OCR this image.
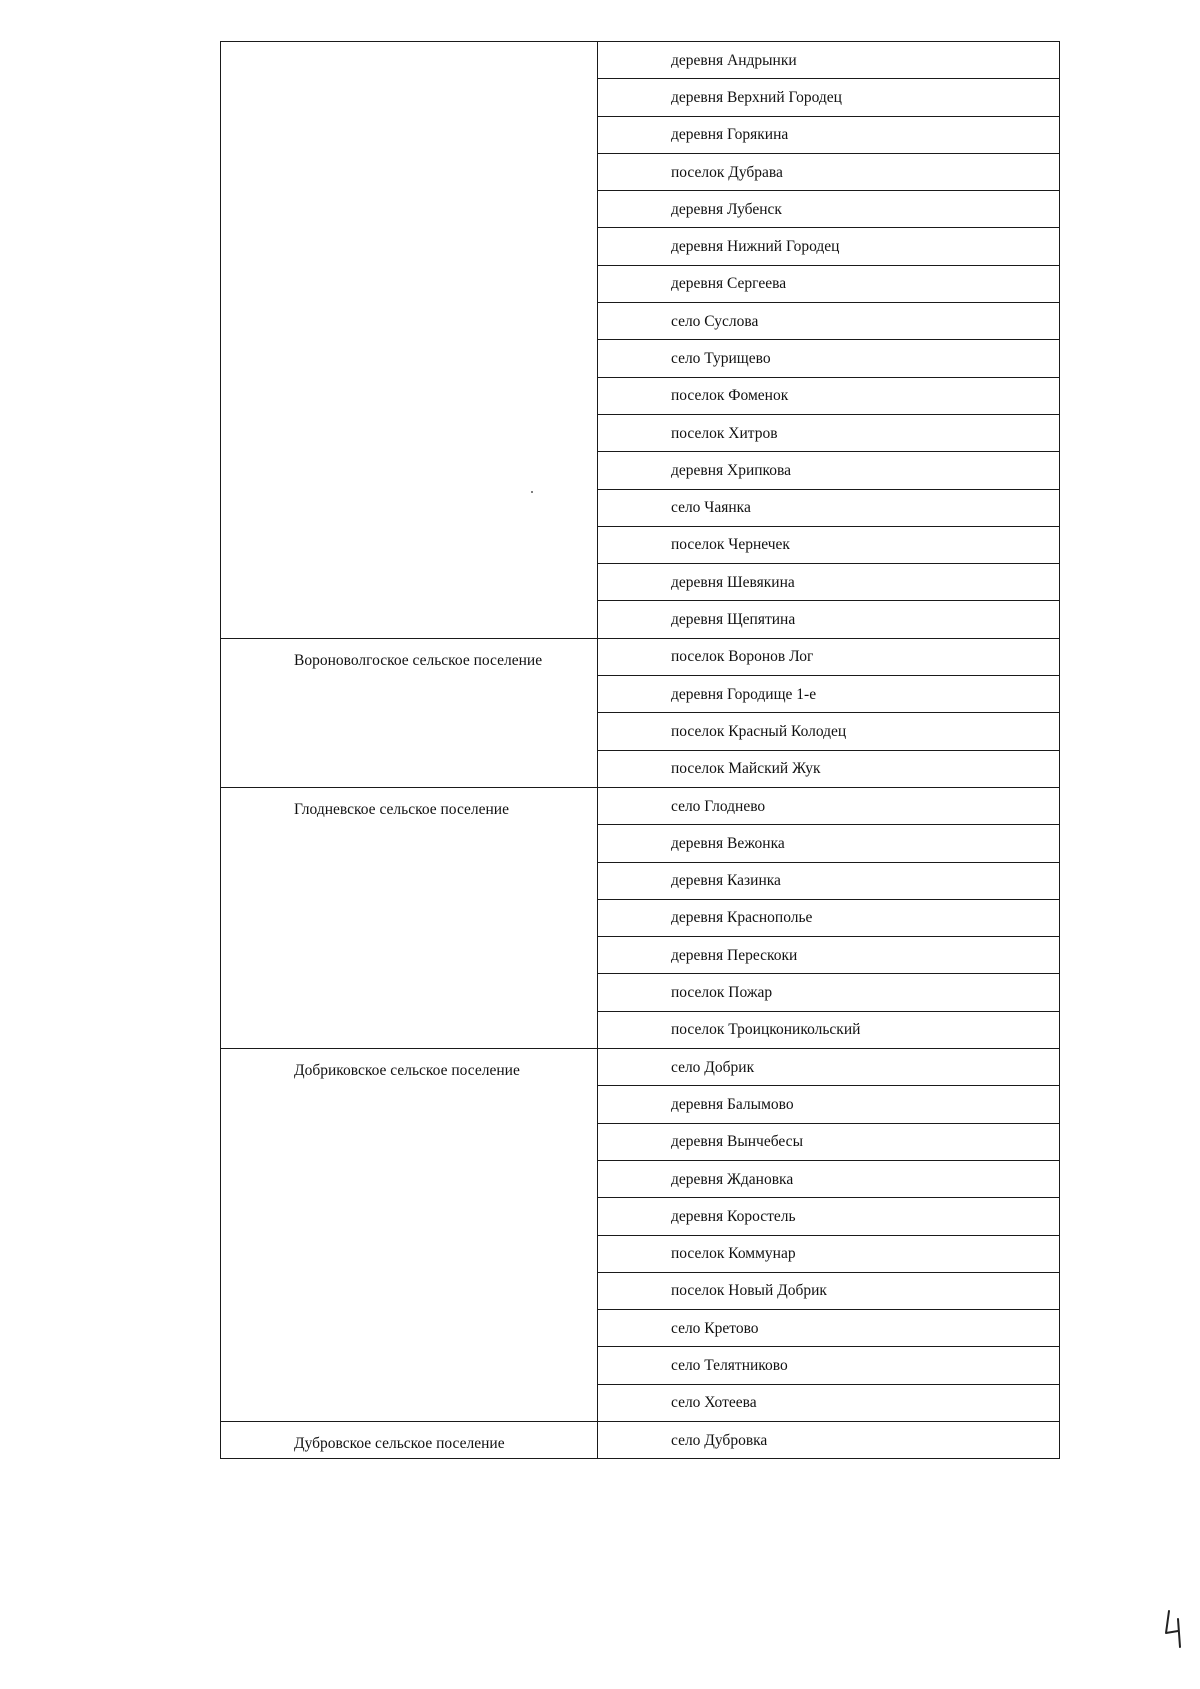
	деревня Андрынки
	деревня Верхний Городец
	деревня Горякина
	поселок Дубрава
	деревня Лубенск
	деревня Нижний Городец
	деревня Сергеева
	село Суслова
	село Турищево
	поселок Фоменок
	поселок Хитров
	деревня Хрипкова
	село Чаянка
	поселок Чернечек
	деревня Шевякина
	деревня Щепятина
Вороноволгоское сельское поселение	поселок Воронов Лог
	деревня Городище 1-е
	поселок Красный Колодец
	поселок Майский Жук
Глодневское сельское поселение	село Глоднево
	деревня Вежонка
	деревня Казинка
	деревня Краснополье
	деревня Перескоки
	поселок Пожар
	поселок Троицконикольский
Добриковское сельское поселение	село Добрик
	деревня Балымово
	деревня Вынчебесы
	деревня Ждановка
	деревня Коростель
	поселок Коммунар
	поселок Новый Добрик
	село Кретово
	село Телятниково
	село Хотеева
Дубровское сельское поселение	село Дубровка
